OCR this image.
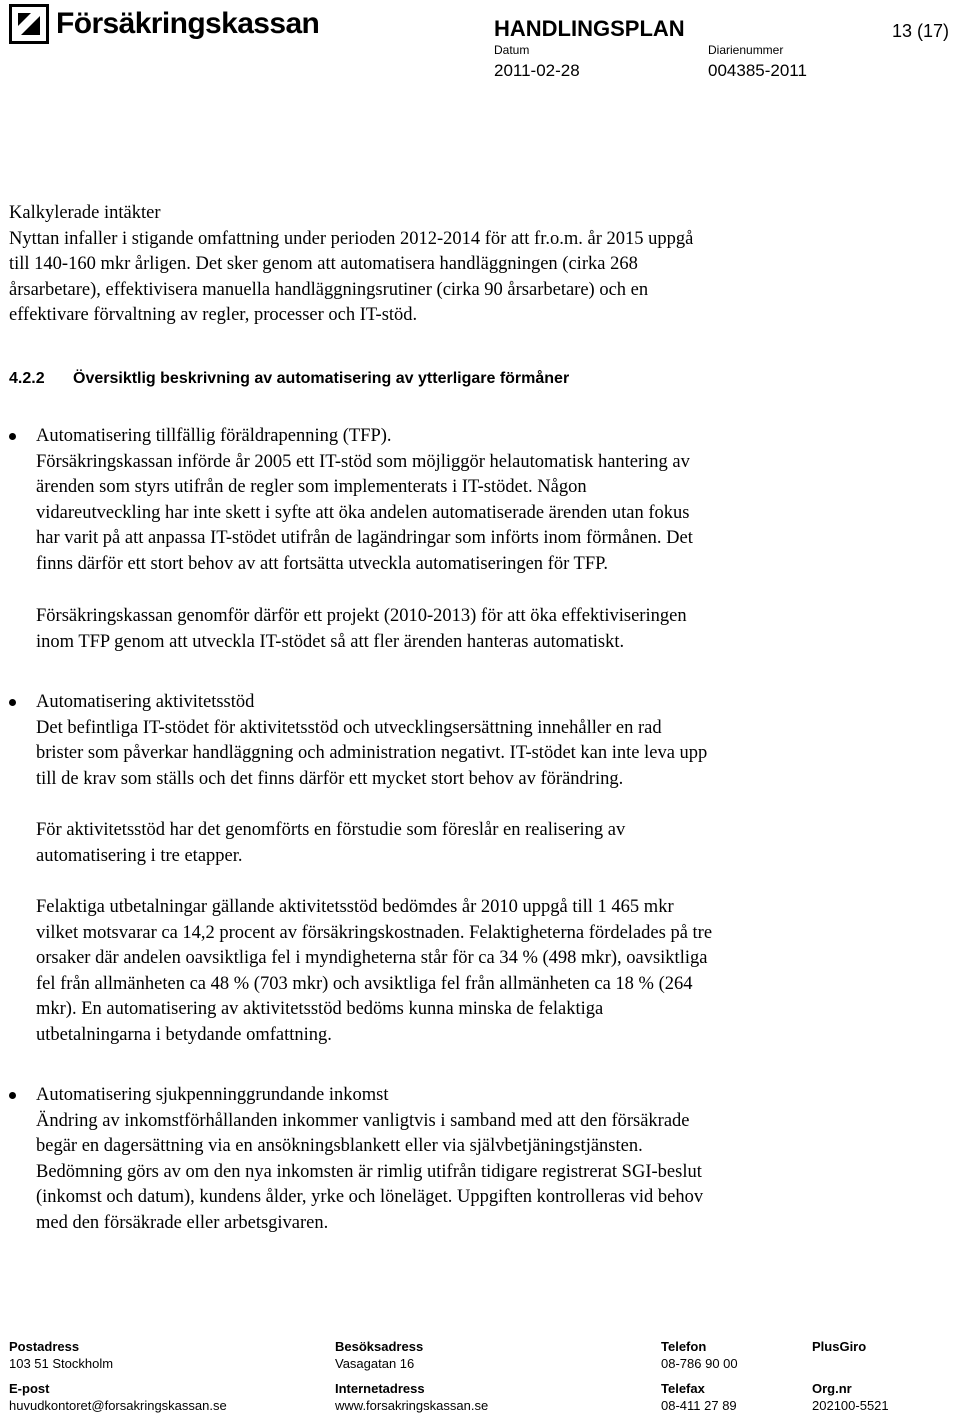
Försäkringskassan	HANDLINGSPLAN	13 (17)
Datum
2011-02-28
Diarienummer
004385-2011
Kalkylerade intäkter
Nyttan infaller i stigande omfattning under perioden 2012-2014 för att fr.o.m. år 2015 uppgå
till 140-160 mkr årligen. Det sker genom att automatisera handläggningen (cirka 268
årsarbetare), effektivisera manuella handläggningsrutiner (cirka 90 årsarbetare) och en
effektivare förvaltning av regler, processer och IT-stöd.
4.2.2 Översiktlig beskrivning av automatisering av ytterligare förmåner
Automatisering tillfällig föräldrapenning (TFP).
Försäkringskassan införde år 2005 ett IT-stöd som möjliggör helautomatisk hantering av
ärenden som styrs utifrån de regler som implementerats i IT-stödet. Någon
vidareutveckling har inte skett i syfte att öka andelen automatiserade ärenden utan fokus
har varit på att anpassa IT-stödet utifrån de lagändringar som införts inom förmånen. Det
finns därför ett stort behov av att fortsätta utveckla automatiseringen för TFP.
Försäkringskassan genomför därför ett projekt (2010-2013) för att öka effektiviseringen
inom TFP genom att utveckla IT-stödet så att fler ärenden hanteras automatiskt.
Automatisering aktivitetsstöd
Det befintliga IT-stödet för aktivitetsstöd och utvecklingsersättning innehåller en rad
brister som påverkar handläggning och administration negativt. IT-stödet kan inte leva upp
till de krav som ställs och det finns därför ett mycket stort behov av förändring.
För aktivitetsstöd har det genomförts en förstudie som föreslår en realisering av
automatisering i tre etapper.
Felaktiga utbetalningar gällande aktivitetsstöd bedömdes år 2010 uppgå till 1 465 mkr
vilket motsvarar ca 14,2 procent av försäkringskostnaden. Felaktigheterna fördelades på tre
orsaker där andelen oavsiktliga fel i myndigheterna står för ca 34 % (498 mkr), oavsiktliga
fel från allmänheten ca 48 % (703 mkr) och avsiktliga fel från allmänheten ca 18 % (264
mkr). En automatisering av aktivitetsstöd bedöms kunna minska de felaktiga
utbetalningarna i betydande omfattning.
Automatisering sjukpenninggrundande inkomst
Ändring av inkomstförhållanden inkommer vanligtvis i samband med att den försäkrade
begär en dagersättning via en ansökningsblankett eller via självbetjäningstjänsten.
Bedömning görs av om den nya inkomsten är rimlig utifrån tidigare registrerat SGI-beslut
(inkomst och datum), kundens ålder, yrke och löneläget. Uppgiften kontrolleras vid behov
med den försäkrade eller arbetsgivaren.
Postadress
103 51 Stockholm
Besöksadress
Vasagatan 16
Telefon
08-786 90 00
PlusGiro
E-post
huvudkontoret@forsakringskassan.se
Internetadress
www.forsakringskassan.se
Telefax
08-411 27 89
Org.nr
202100-5521
